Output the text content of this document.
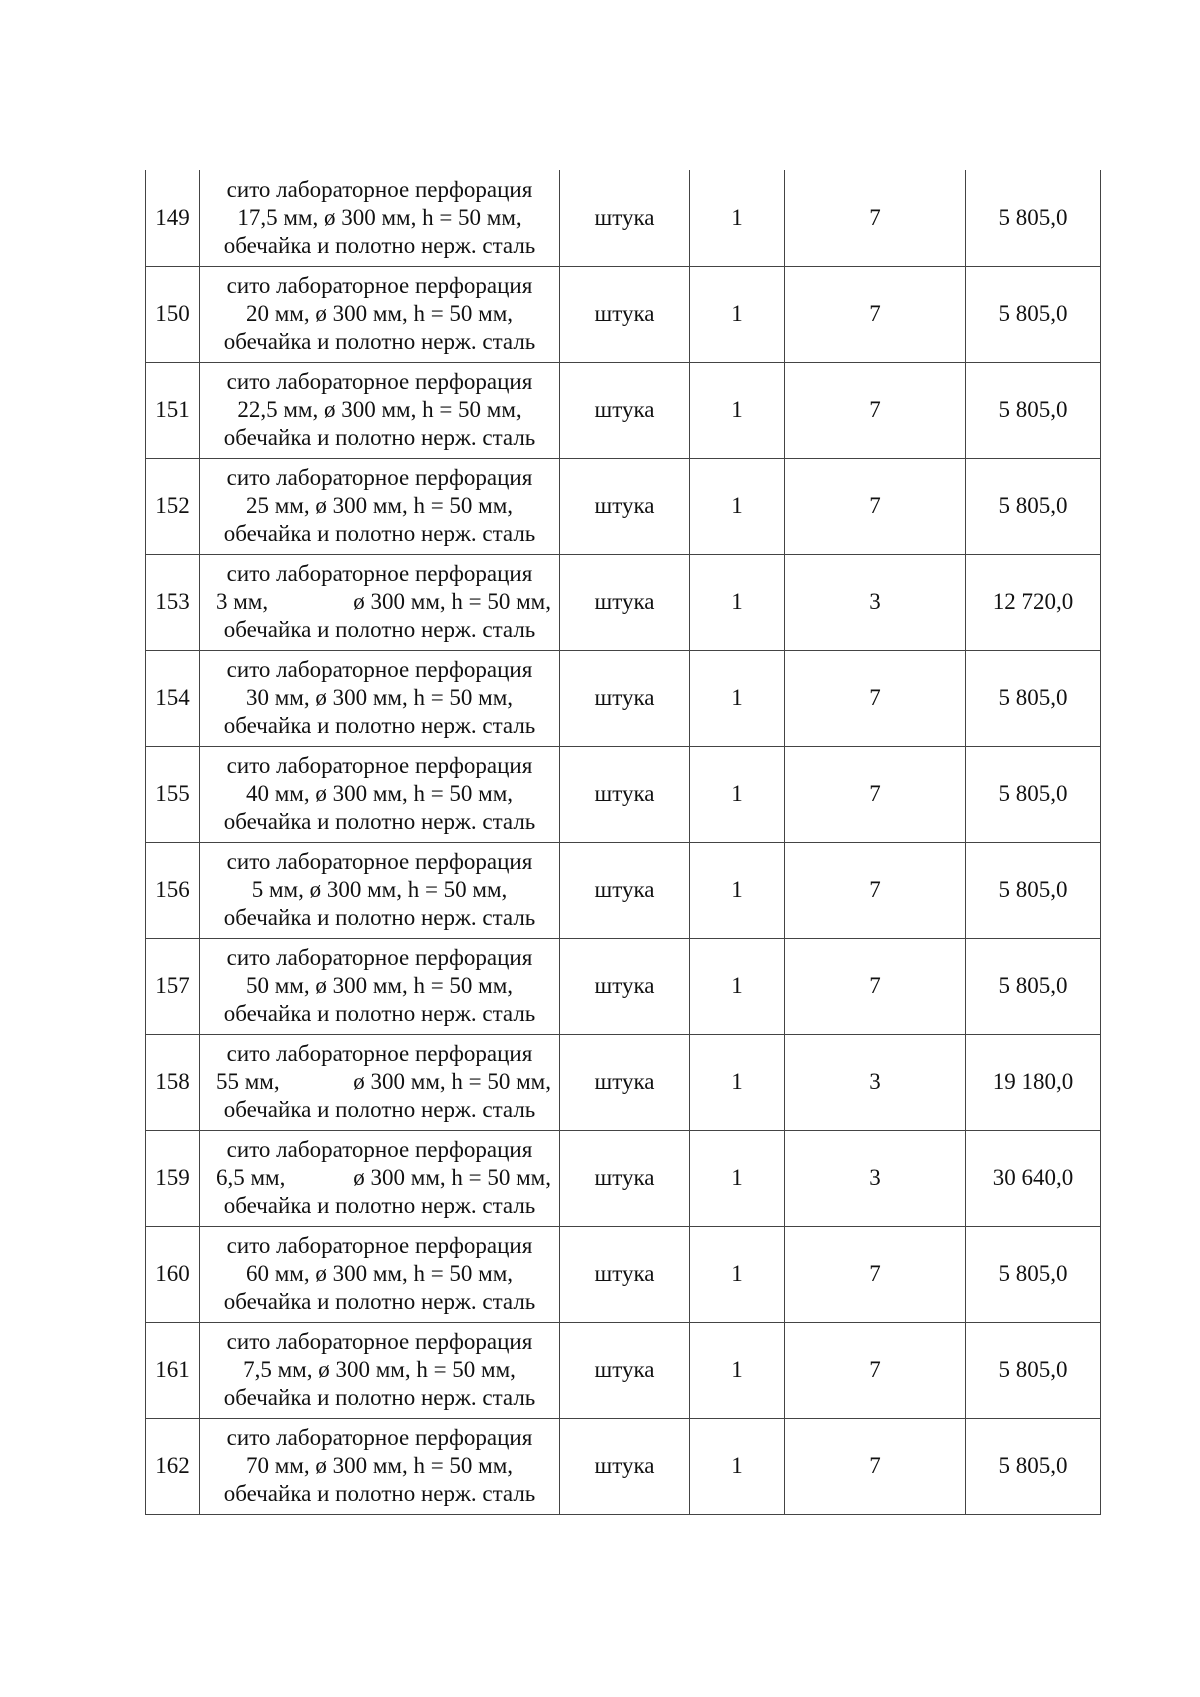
149	сито лабораторное перфорация
17,5 мм, ø 300 мм, h = 50 мм,
обечайка и полотно нерж. сталь	штука	1	7	5 805,0
150	сито лабораторное перфорация
20 мм, ø 300 мм, h = 50 мм,
обечайка и полотно нерж. сталь	штука	1	7	5 805,0
151	сито лабораторное перфорация
22,5 мм, ø 300 мм, h = 50 мм,
обечайка и полотно нерж. сталь	штука	1	7	5 805,0
152	сито лабораторное перфорация
25 мм, ø 300 мм, h = 50 мм,
обечайка и полотно нерж. сталь	штука	1	7	5 805,0
153	сито лабораторное перфорация
3 мм, ø 300 мм, h = 50 мм,
обечайка и полотно нерж. сталь	штука	1	3	12 720,0
154	сито лабораторное перфорация
30 мм, ø 300 мм, h = 50 мм,
обечайка и полотно нерж. сталь	штука	1	7	5 805,0
155	сито лабораторное перфорация
40 мм, ø 300 мм, h = 50 мм,
обечайка и полотно нерж. сталь	штука	1	7	5 805,0
156	сито лабораторное перфорация
5 мм, ø 300 мм, h = 50 мм,
обечайка и полотно нерж. сталь	штука	1	7	5 805,0
157	сито лабораторное перфорация
50 мм, ø 300 мм, h = 50 мм,
обечайка и полотно нерж. сталь	штука	1	7	5 805,0
158	сито лабораторное перфорация
55 мм, ø 300 мм, h = 50 мм,
обечайка и полотно нерж. сталь	штука	1	3	19 180,0
159	сито лабораторное перфорация
6,5 мм, ø 300 мм, h = 50 мм,
обечайка и полотно нерж. сталь	штука	1	3	30 640,0
160	сито лабораторное перфорация
60 мм, ø 300 мм, h = 50 мм,
обечайка и полотно нерж. сталь	штука	1	7	5 805,0
161	сито лабораторное перфорация
7,5 мм, ø 300 мм, h = 50 мм,
обечайка и полотно нерж. сталь	штука	1	7	5 805,0
162	сито лабораторное перфорация
70 мм, ø 300 мм, h = 50 мм,
обечайка и полотно нерж. сталь	штука	1	7	5 805,0
